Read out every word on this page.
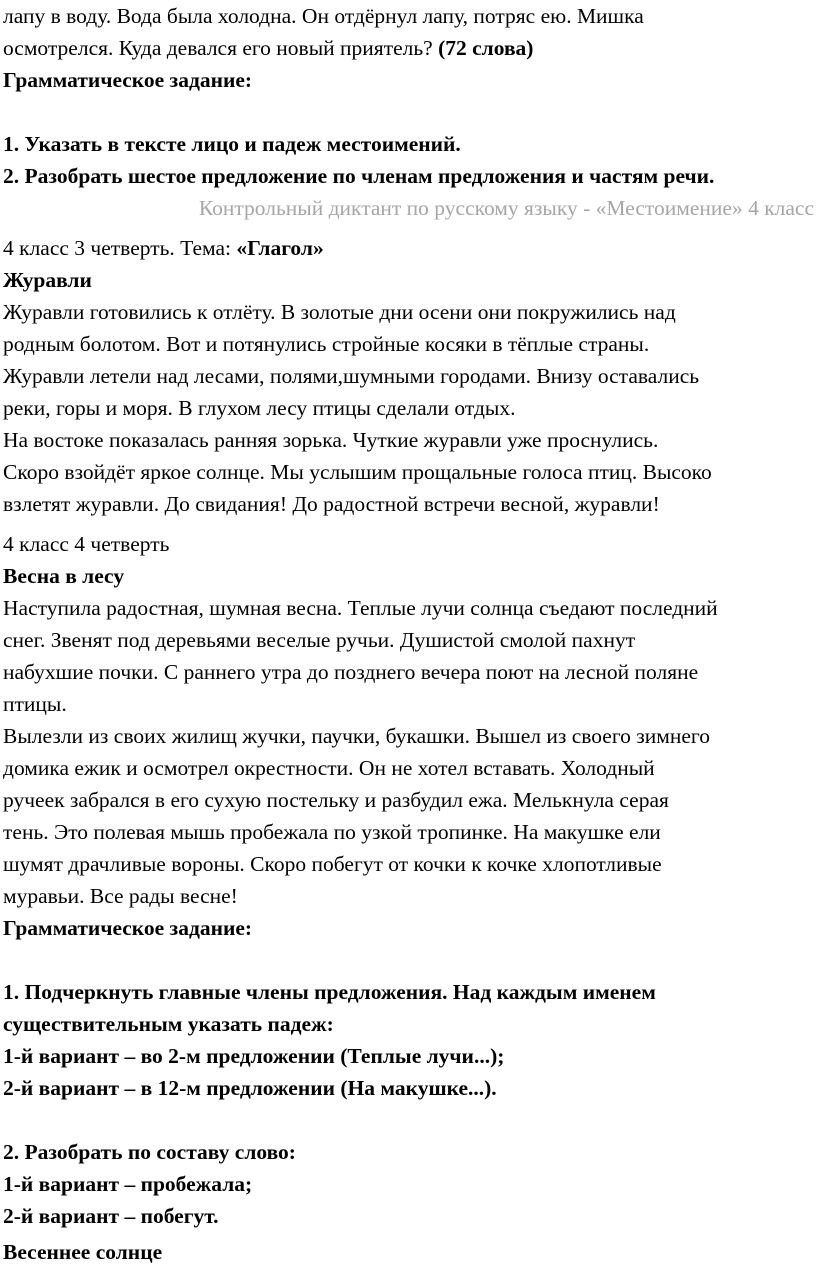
лапу в воду. Вода была холодна. Он отдёрнул лапу, потряс ею. Мишка
осмотрелся. Куда девался его новый приятель? (72 слова)
Грамматическое задание:
1. Указать в тексте лицо и падеж местоимений.
2. Разобрать шестое предложение по членам предложения и частям речи.
Контрольный диктант по русскому языку - «Местоимение» 4 класс
4 класс 3 четверть. Тема: «Глагол»
Журавли
Журавли готовились к отлёту. В золотые дни осени они покружились над
родным болотом. Вот и потянулись стройные косяки в тёплые страны.
Журавли летели над лесами, полями,шумными городами. Внизу оставались
реки, горы и моря. В глухом лесу птицы сделали отдых.
На востоке показалась ранняя зорька. Чуткие журавли уже проснулись.
Скоро взойдёт яркое солнце. Мы услышим прощальные голоса птиц. Высоко
взлетят журавли. До свидания! До радостной встречи весной, журавли!
4 класс 4 четверть
Весна в лесу
Наступила радостная, шумная весна. Теплые лучи солнца съедают последний
снег. Звенят под деревьями веселые ручьи. Душистой смолой пахнут
набухшие почки. С раннего утра до позднего вечера поют на лесной поляне
птицы.
Вылезли из своих жилищ жучки, паучки, букашки. Вышел из своего зимнего
домика ежик и осмотрел окрестности. Он не хотел вставать. Холодный
ручеек забрался в его сухую постельку и разбудил ежа. Мелькнула серая
тень. Это полевая мышь пробежала по узкой тропинке. На макушке ели
шумят драчливые вороны. Скоро побегут от кочки к кочке хлопотливые
муравьи. Все рады весне!
Грамматическое задание:
1. Подчеркнуть главные члены предложения. Над каждым именем
существительным указать падеж:
1-й вариант – во 2-м предложении (Теплые лучи...);
2-й вариант – в 12-м предложении (На макушке...).
2. Разобрать по составу слово:
1-й вариант – пробежала;
2-й вариант – побегут.
Весеннее солнце
